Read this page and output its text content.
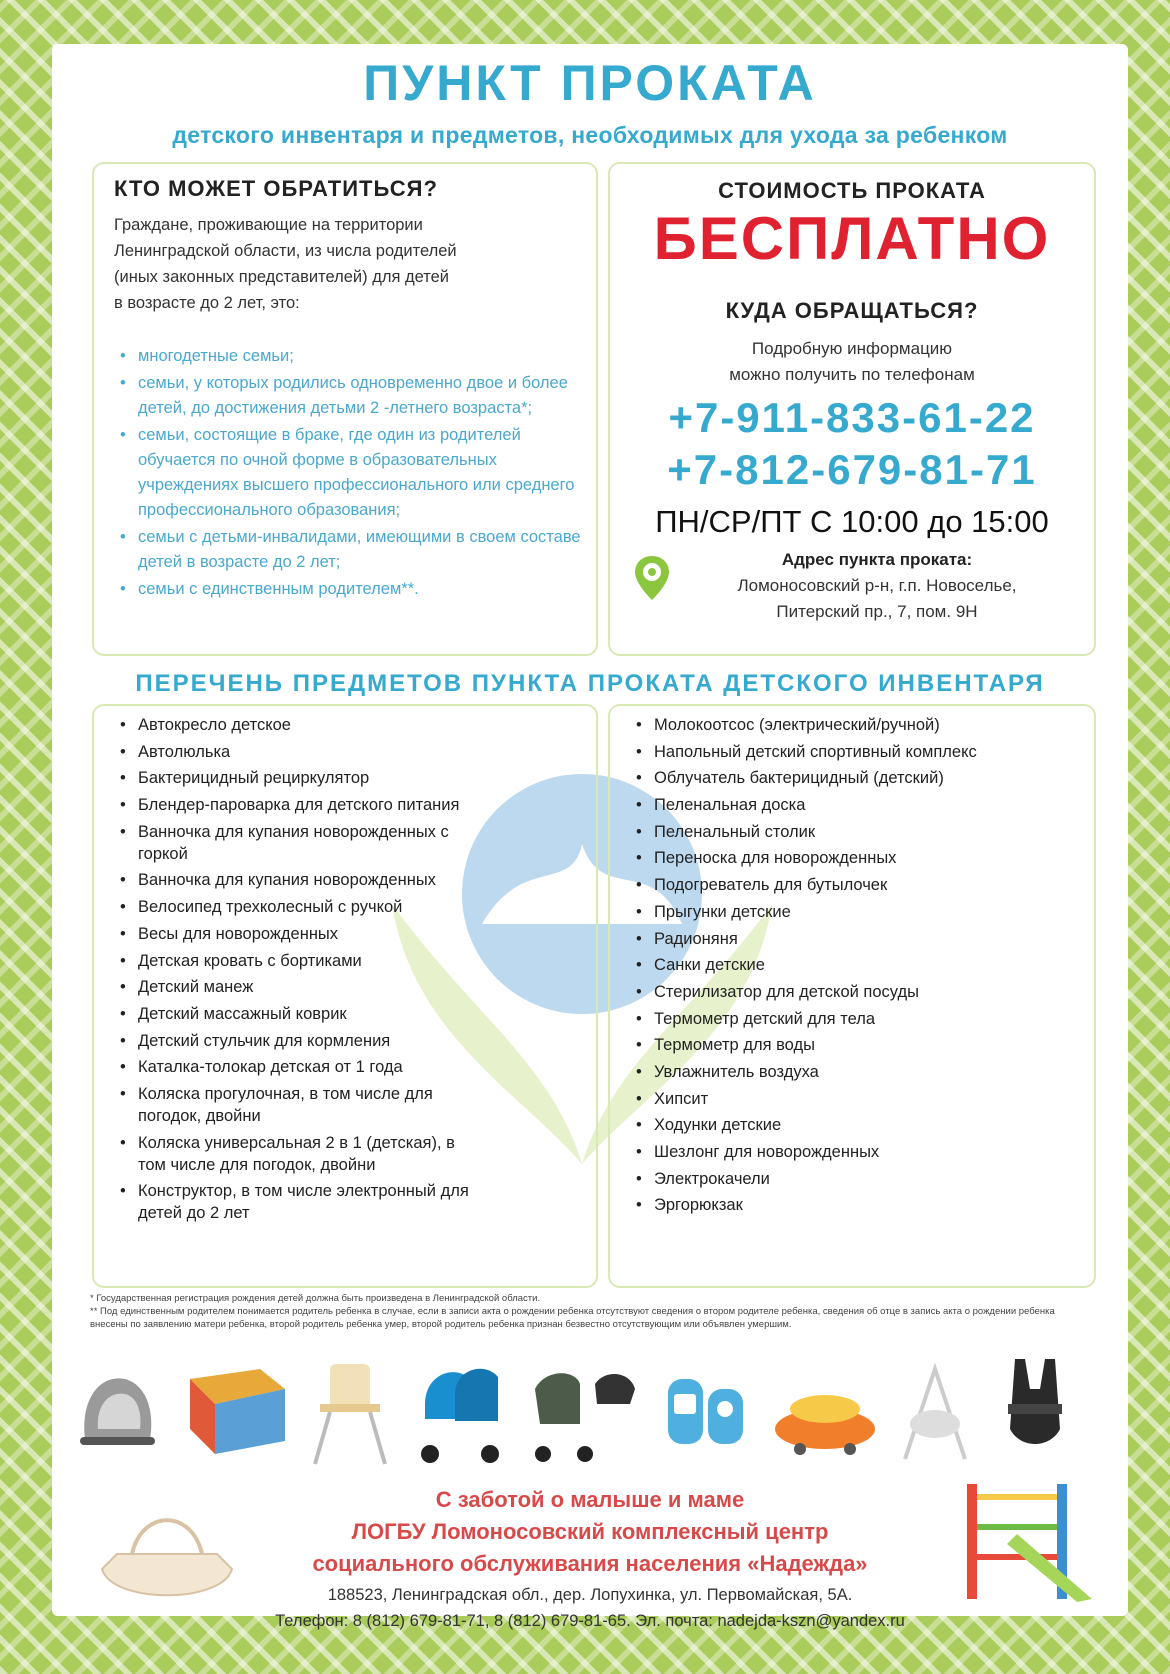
ПУНКТ ПРОКАТА
детского инвентаря и предметов, необходимых для ухода за ребенком
КТО МОЖЕТ ОБРАТИТЬСЯ?
Граждане, проживающие на территории
Ленинградской области, из числа родителей
(иных законных представителей) для детей
в возрасте до 2 лет, это:
• многодетные семьи;
• семьи, у которых родились одновременно двое и более детей, до достижения детьми 2 -летнего возраста*;
• семьи, состоящие в браке, где один из родителей обучается по очной форме в образовательных учреждениях высшего профессионального или среднего профессионального образования;
• семьи с детьми-инвалидами, имеющими в своем составе детей в возрасте до 2 лет;
• семьи с единственным родителем**.
СТОИМОСТЬ ПРОКАТА
БЕСПЛАТНО
КУДА ОБРАЩАТЬСЯ?
Подробную информацию
можно получить по телефонам
+7-911-833-61-22
+7-812-679-81-71
ПН/СР/ПТ С 10:00 до 15:00
Адрес пункта проката:
Ломоносовский р-н, г.п. Новоселье,
Питерский пр., 7, пом. 9Н
ПЕРЕЧЕНЬ ПРЕДМЕТОВ ПУНКТА ПРОКАТА ДЕТСКОГО ИНВЕНТАРЯ
• Автокресло детское
• Автолюлька
• Бактерицидный рециркулятор
• Блендер-пароварка для детского питания
• Ванночка для купания новорожденных с горкой
• Ванночка для купания новорожденных
• Велосипед трехколесный с ручкой
• Весы для новорожденных
• Детская кровать с бортиками
• Детский манеж
• Детский массажный коврик
• Детский стульчик для кормления
• Каталка-толокар детская от 1 года
• Коляска прогулочная, в том числе для погодок, двойни
• Коляска универсальная 2 в 1 (детская), в том числе для погодок, двойни
• Конструктор, в том числе электронный для детей до 2 лет
• Молокоотсос (электрический/ручной)
• Напольный детский спортивный комплекс
• Облучатель бактерицидный (детский)
• Пеленальная доска
• Пеленальный столик
• Переноска для новорожденных
• Подогреватель для бутылочек
• Прыгунки детские
• Радионяня
• Санки детские
• Стерилизатор для детской посуды
• Термометр детский для тела
• Термометр для воды
• Увлажнитель воздуха
• Хипсит
• Ходунки детские
• Шезлонг для новорожденных
• Электрокачели
• Эргорюкзак
* Государственная регистрация рождения детей должна быть произведена в Ленинградской области.
** Под единственным родителем понимается родитель ребенка в случае, если в записи акта о рождении ребенка отсутствуют сведения о втором родителе ребенка, сведения об отце в запись акта о рождении ребенка внесены по заявлению матери ребенка, второй родитель ребенка умер, второй родитель ребенка признан безвестно отсутствующим или объявлен умершим.
С заботой о малыше и маме
ЛОГБУ Ломоносовский комплексный центр
социального обслуживания населения «Надежда»
188523, Ленинградская обл., дер. Лопухинка, ул. Первомайская, 5А.
Телефон: 8 (812) 679-81-71, 8 (812) 679-81-65. Эл. почта: nadejda-kszn@yandex.ru
